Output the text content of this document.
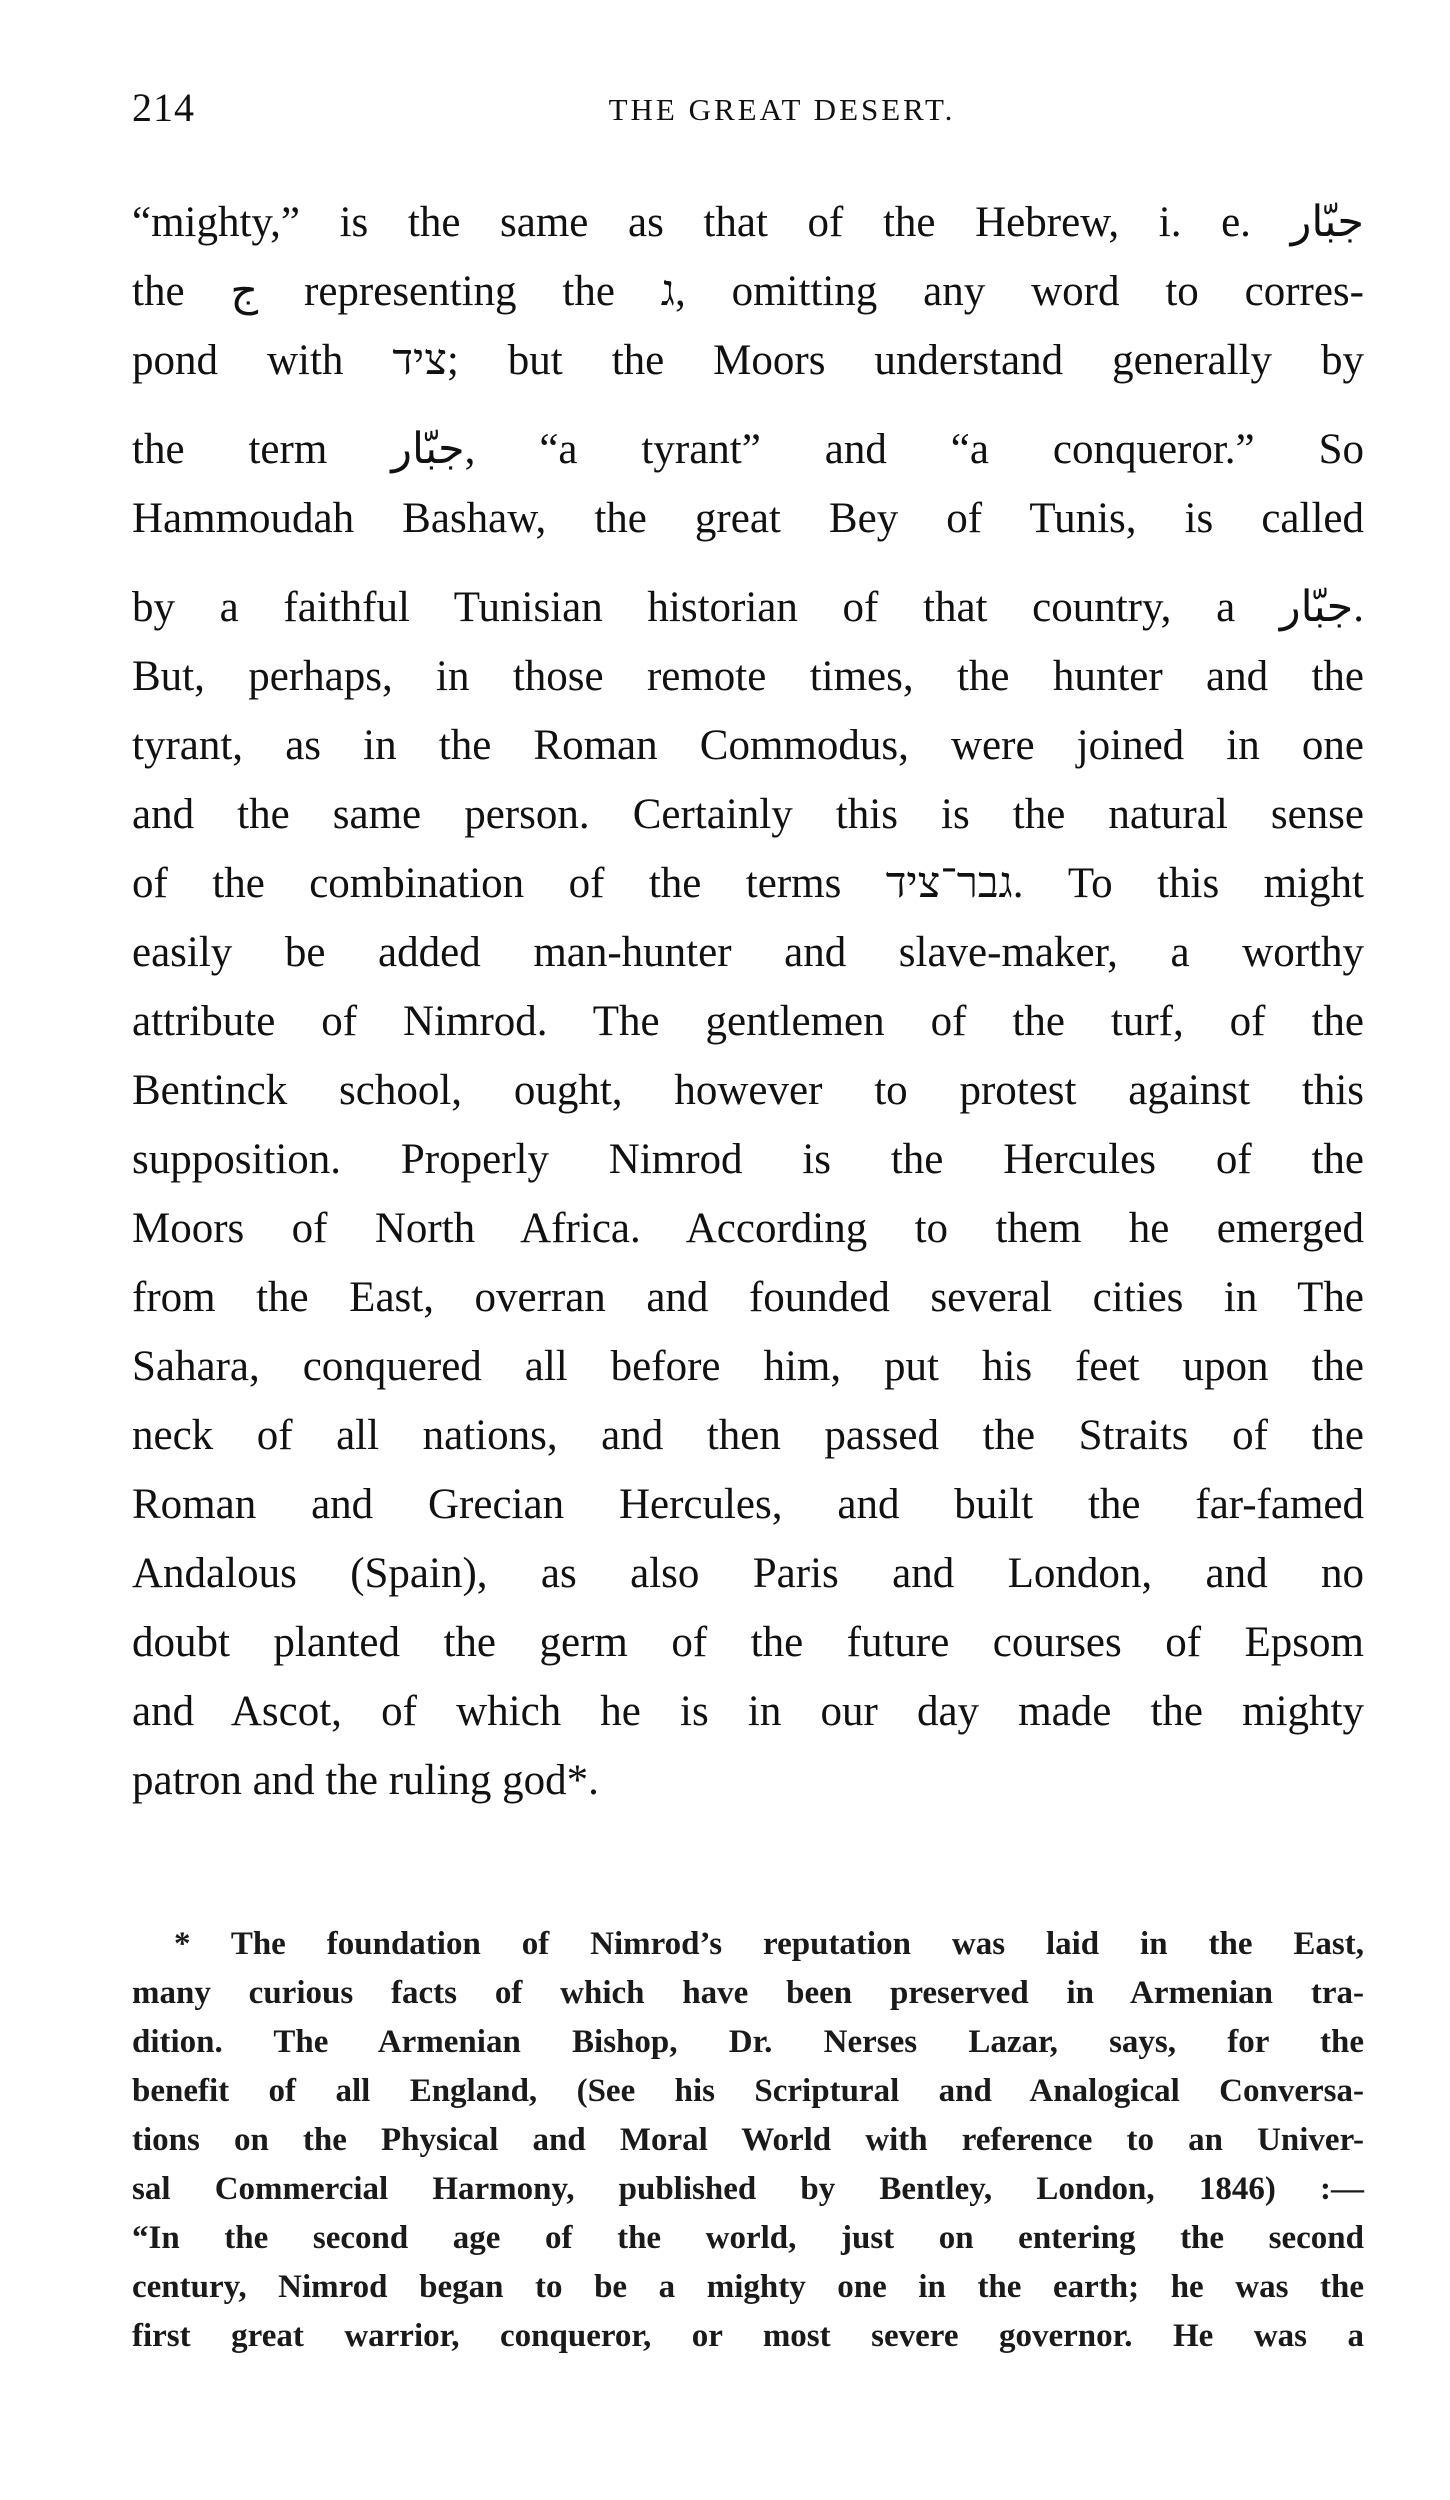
214	THE GREAT DESERT.
“mighty,” is the same as that of the Hebrew, i. e. جبّار
the ج representing the ג, omitting any word to corres-
pond with ציד; but the Moors understand generally by
the term جبّار, “a tyrant” and “a conqueror.” So
Hammoudah Bashaw, the great Bey of Tunis, is called
by a faithful Tunisian historian of that country, a جبّار.
But, perhaps, in those remote times, the hunter and the
tyrant, as in the Roman Commodus, were joined in one
and the same person. Certainly this is the natural sense
of the combination of the terms גבר־ציד. To this might
easily be added man-hunter and slave-maker, a worthy
attribute of Nimrod. The gentlemen of the turf, of the
Bentinck school, ought, however to protest against this
supposition. Properly Nimrod is the Hercules of the
Moors of North Africa. According to them he emerged
from the East, overran and founded several cities in The
Sahara, conquered all before him, put his feet upon the
neck of all nations, and then passed the Straits of the
Roman and Grecian Hercules, and built the far-famed
Andalous (Spain), as also Paris and London, and no
doubt planted the germ of the future courses of Epsom
and Ascot, of which he is in our day made the mighty
patron and the ruling god*.
* The foundation of Nimrod’s reputation was laid in the East,
many curious facts of which have been preserved in Armenian tra-
dition. The Armenian Bishop, Dr. Nerses Lazar, says, for the
benefit of all England, (See his Scriptural and Analogical Conversa-
tions on the Physical and Moral World with reference to an Univer-
sal Commercial Harmony, published by Bentley, London, 1846) :—
“In the second age of the world, just on entering the second
century, Nimrod began to be a mighty one in the earth; he was the
first great warrior, conqueror, or most severe governor. He was a
